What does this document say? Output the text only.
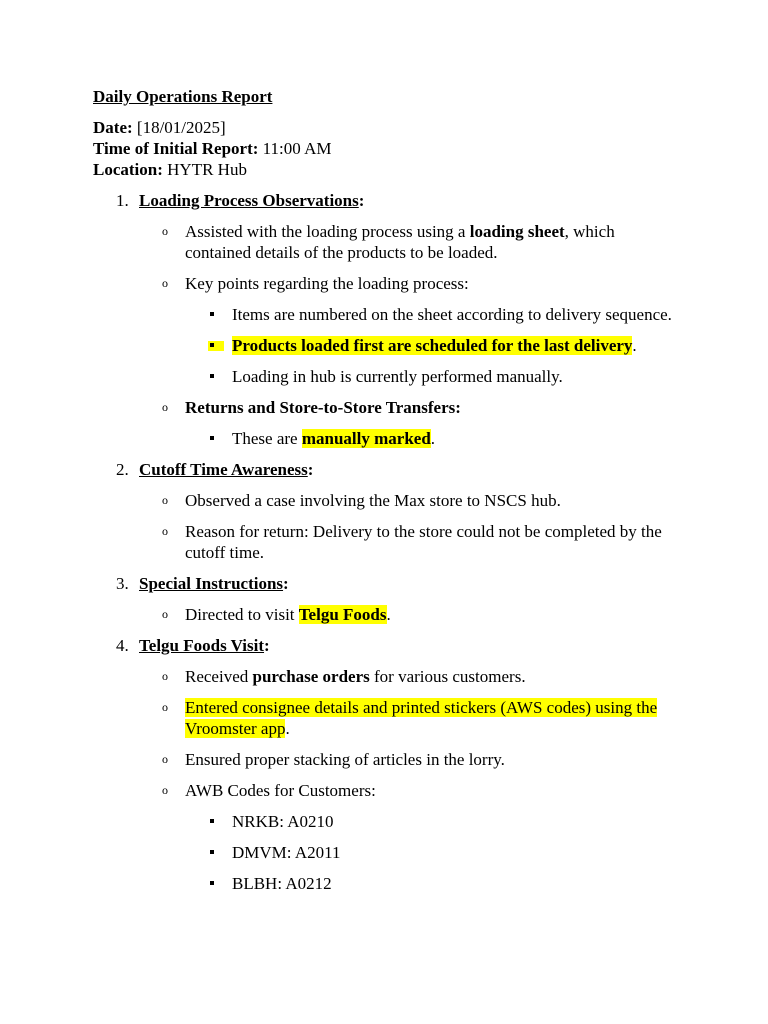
Daily Operations Report
Date: [18/01/2025]
Time of Initial Report: 11:00 AM
Location: HYTR Hub
1. Loading Process Observations:
o Assisted with the loading process using a loading sheet, which contained details of the products to be loaded.
o Key points regarding the loading process:
Items are numbered on the sheet according to delivery sequence.
Products loaded first are scheduled for the last delivery.
Loading in hub is currently performed manually.
o Returns and Store-to-Store Transfers:
These are manually marked.
2. Cutoff Time Awareness:
o Observed a case involving the Max store to NSCS hub.
o Reason for return: Delivery to the store could not be completed by the cutoff time.
3. Special Instructions:
o Directed to visit Telgu Foods.
4. Telgu Foods Visit:
o Received purchase orders for various customers.
o Entered consignee details and printed stickers (AWS codes) using the Vroomster app.
o Ensured proper stacking of articles in the lorry.
o AWB Codes for Customers:
NRKB: A0210
DMVM: A2011
BLBH: A0212
